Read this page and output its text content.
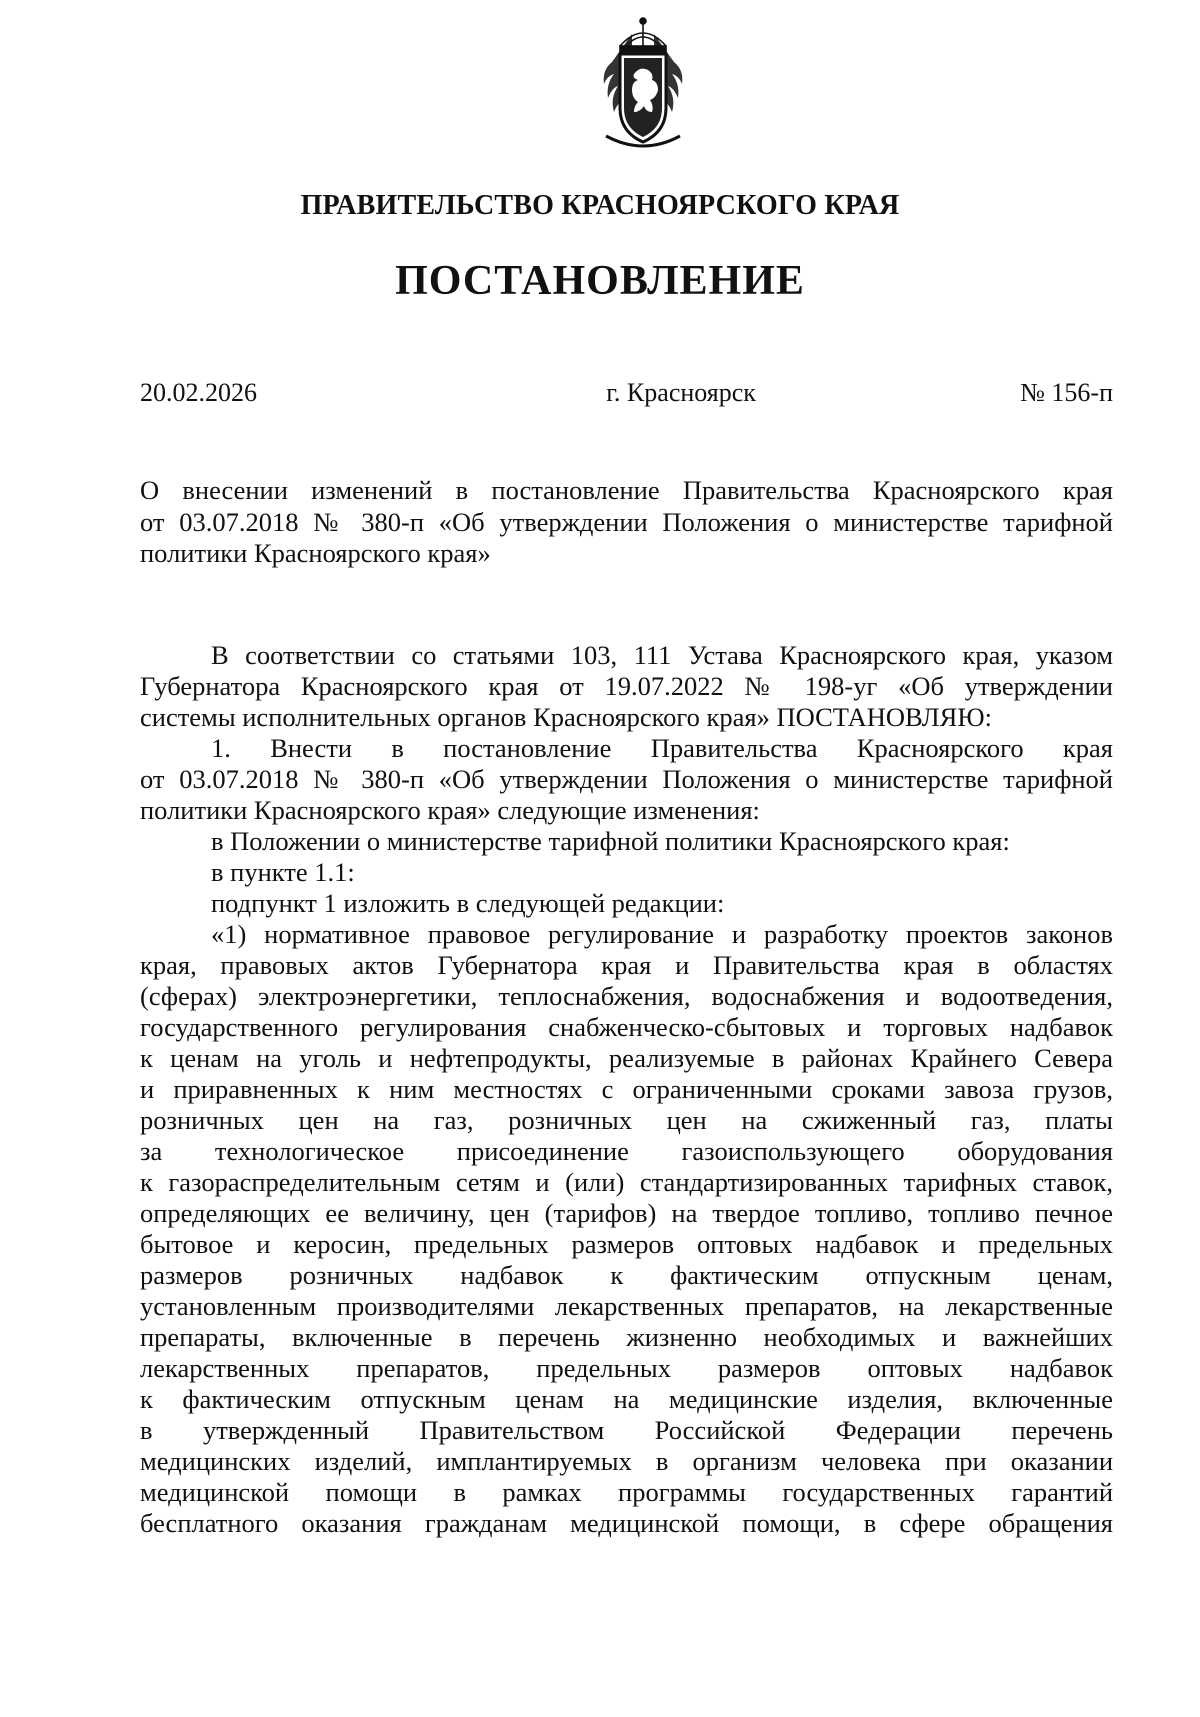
ПРАВИТЕЛЬСТВО КРАСНОЯРСКОГО КРАЯ
ПОСТАНОВЛЕНИЕ
20.02.2026	г. Красноярск	№ 156-п
О внесении изменений в постановление Правительства Красноярского края
от 03.07.2018 № 380-п «Об утверждении Положения о министерстве тарифной
политики Красноярского края»
В соответствии со статьями 103, 111 Устава Красноярского края, указом
Губернатора Красноярского края от 19.07.2022 № 198-уг «Об утверждении
системы исполнительных органов Красноярского края» ПОСТАНОВЛЯЮ:
1. Внести в постановление Правительства Красноярского края
от 03.07.2018 № 380-п «Об утверждении Положения о министерстве тарифной
политики Красноярского края» следующие изменения:
в Положении о министерстве тарифной политики Красноярского края:
в пункте 1.1:
подпункт 1 изложить в следующей редакции:
«1) нормативное правовое регулирование и разработку проектов законов
края, правовых актов Губернатора края и Правительства края в областях
(сферах) электроэнергетики, теплоснабжения, водоснабжения и водоотведения,
государственного регулирования снабженческо-сбытовых и торговых надбавок
к ценам на уголь и нефтепродукты, реализуемые в районах Крайнего Севера
и приравненных к ним местностях с ограниченными сроками завоза грузов,
розничных цен на газ, розничных цен на сжиженный газ, платы
за технологическое присоединение газоиспользующего оборудования
к газораспределительным сетям и (или) стандартизированных тарифных ставок,
определяющих ее величину, цен (тарифов) на твердое топливо, топливо печное
бытовое и керосин, предельных размеров оптовых надбавок и предельных
размеров розничных надбавок к фактическим отпускным ценам,
установленным производителями лекарственных препаратов, на лекарственные
препараты, включенные в перечень жизненно необходимых и важнейших
лекарственных препаратов, предельных размеров оптовых надбавок
к фактическим отпускным ценам на медицинские изделия, включенные
в утвержденный Правительством Российской Федерации перечень
медицинских изделий, имплантируемых в организм человека при оказании
медицинской помощи в рамках программы государственных гарантий
бесплатного оказания гражданам медицинской помощи, в сфере обращения
